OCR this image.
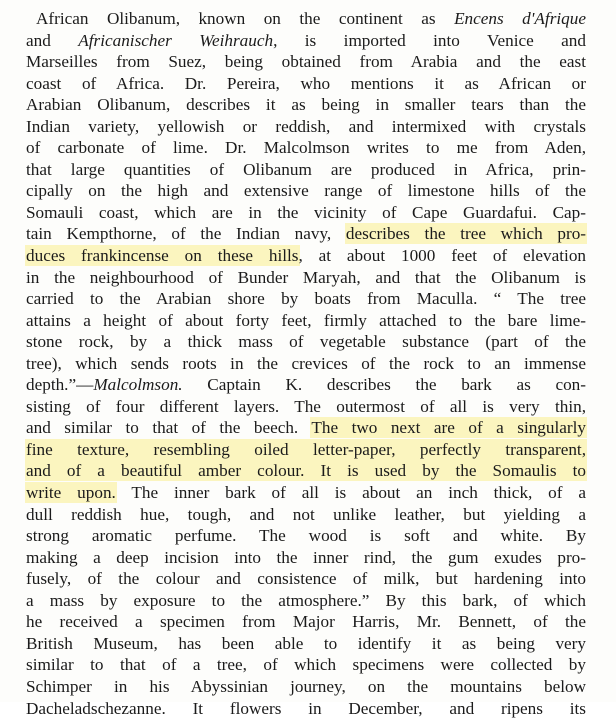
African Olibanum, known on the continent as Encens d'Afrique
and Africanischer Weihrauch, is imported into Venice and
Marseilles from Suez, being obtained from Arabia and the east
coast of Africa. Dr. Pereira, who mentions it as African or
Arabian Olibanum, describes it as being in smaller tears than the
Indian variety, yellowish or reddish, and intermixed with crystals
of carbonate of lime. Dr. Malcolmson writes to me from Aden,
that large quantities of Olibanum are produced in Africa, prin-
cipally on the high and extensive range of limestone hills of the
Somauli coast, which are in the vicinity of Cape Guardafui. Cap-
tain Kempthorne, of the Indian navy, describes the tree which pro-
duces frankincense on these hills, at about 1000 feet of elevation
in the neighbourhood of Bunder Maryah, and that the Olibanum is
carried to the Arabian shore by boats from Maculla. “ The tree
attains a height of about forty feet, firmly attached to the bare lime-
stone rock, by a thick mass of vegetable substance (part of the
tree), which sends roots in the crevices of the rock to an immense
depth.”—Malcolmson. Captain K. describes the bark as con-
sisting of four different layers. The outermost of all is very thin,
and similar to that of the beech. The two next are of a singularly
fine texture, resembling oiled letter-paper, perfectly transparent,
and of a beautiful amber colour. It is used by the Somaulis to
write upon. The inner bark of all is about an inch thick, of a
dull reddish hue, tough, and not unlike leather, but yielding a
strong aromatic perfume. The wood is soft and white. By
making a deep incision into the inner rind, the gum exudes pro-
fusely, of the colour and consistence of milk, but hardening into
a mass by exposure to the atmosphere.” By this bark, of which
he received a specimen from Major Harris, Mr. Bennett, of the
British Museum, has been able to identify it as being very
similar to that of a tree, of which specimens were collected by
Schimper in his Abyssinian journey, on the mountains below
Dacheladschezanne. It flowers in December, and ripens its
